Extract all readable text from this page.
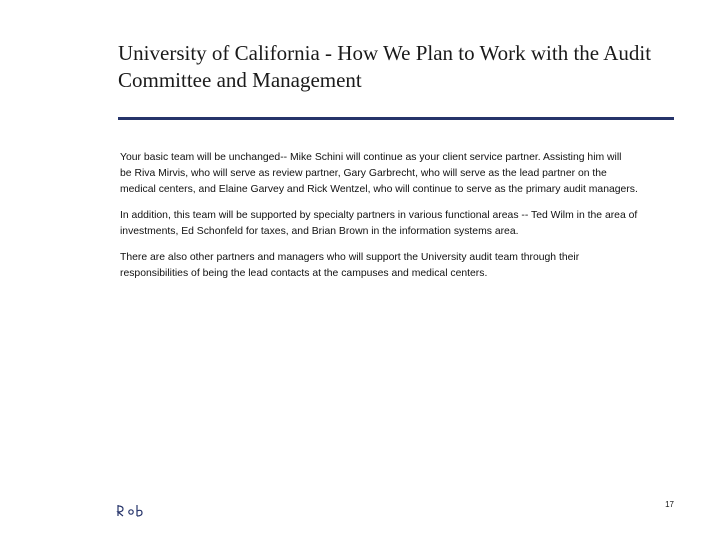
University of California - How We Plan to Work with the Audit
Committee and Management

Your basic team will be unchanged-- Mike Schini will continue as your client service partner. Assisting him will
be Riva Mirvis, who will serve as review partner, Gary Garbrecht, who will serve as the lead partner on the
medical centers, and Elaine Garvey and Rick Wentzel, who will continue to serve as the primary audit managers.

In addition, this team will be supported by specialty partners in various functional areas -- Ted Wilm in the area of
investments, Ed Schonfeld for taxes, and Brian Brown in the information systems area.

There are also other partners and managers who will support the University audit team through their
responsibilities of being the lead contacts at the campuses and medical centers.

17
